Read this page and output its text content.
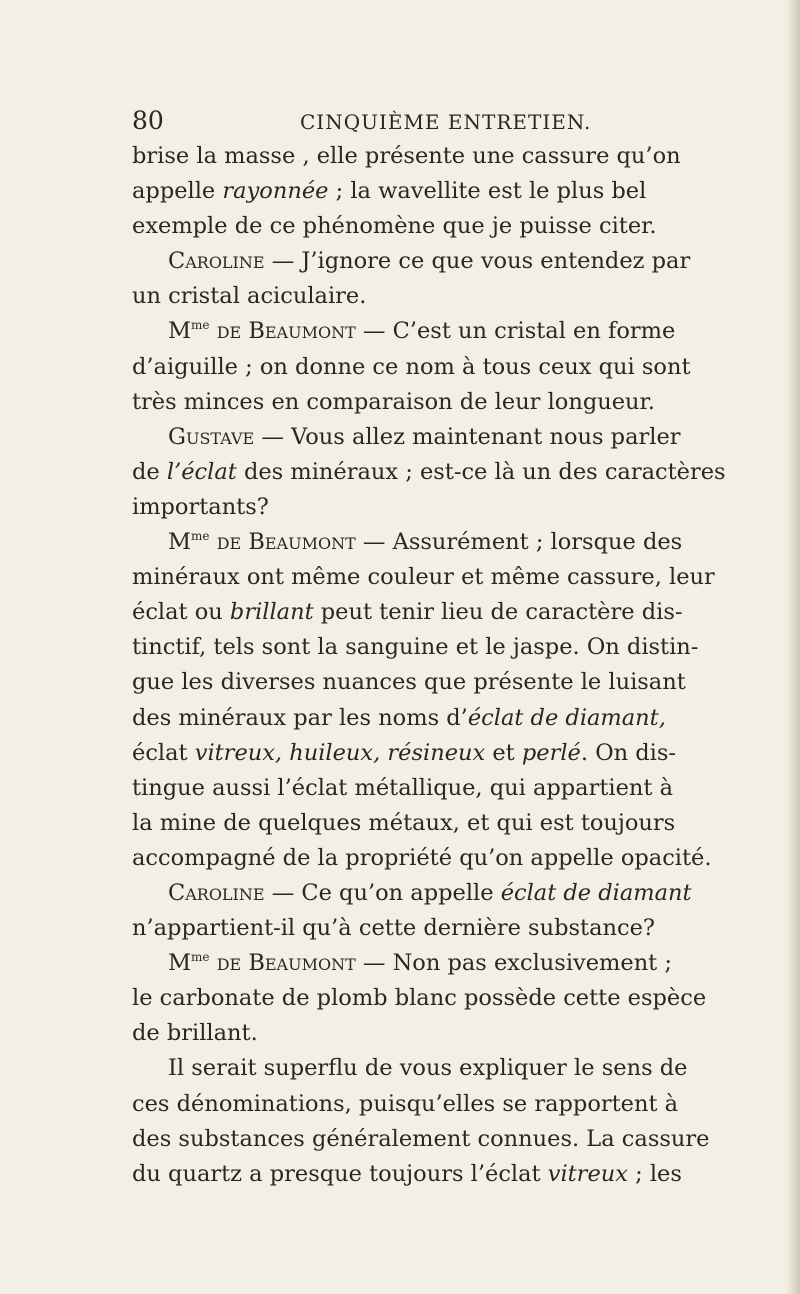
80	CINQUIÈME ENTRETIEN.
brise la masse , elle présente une cassure qu’on
appelle rayonnée ; la wavellite est le plus bel
exemple de ce phénomène que je puisse citer.
Caroline — J’ignore ce que vous entendez par
un cristal aciculaire.
$M^{me}$ de Beaumont — C’est un cristal en forme
d’aiguille ; on donne ce nom à tous ceux qui sont
très minces en comparaison de leur longueur.
Gustave — Vous allez maintenant nous parler
de l’éclat des minéraux ; est-ce là un des caractères
importants?
$M^{me}$ de Beaumont — Assurément ; lorsque des
minéraux ont même couleur et même cassure, leur
éclat ou brillant peut tenir lieu de caractère dis-
tinctif, tels sont la sanguine et le jaspe. On distin-
gue les diverses nuances que présente le luisant
des minéraux par les noms d’éclat de diamant,
éclat vitreux, huileux, résineux et perlé. On dis-
tingue aussi l’éclat métallique, qui appartient à
la mine de quelques métaux, et qui est toujours
accompagné de la propriété qu’on appelle opacité.
Caroline — Ce qu’on appelle éclat de diamant
n’appartient-il qu’à cette dernière substance?
$M^{me}$ de Beaumont — Non pas exclusivement ;
le carbonate de plomb blanc possède cette espèce
de brillant.
Il serait superflu de vous expliquer le sens de
ces dénominations, puisqu’elles se rapportent à
des substances généralement connues. La cassure
du quartz a presque toujours l’éclat vitreux ; les
